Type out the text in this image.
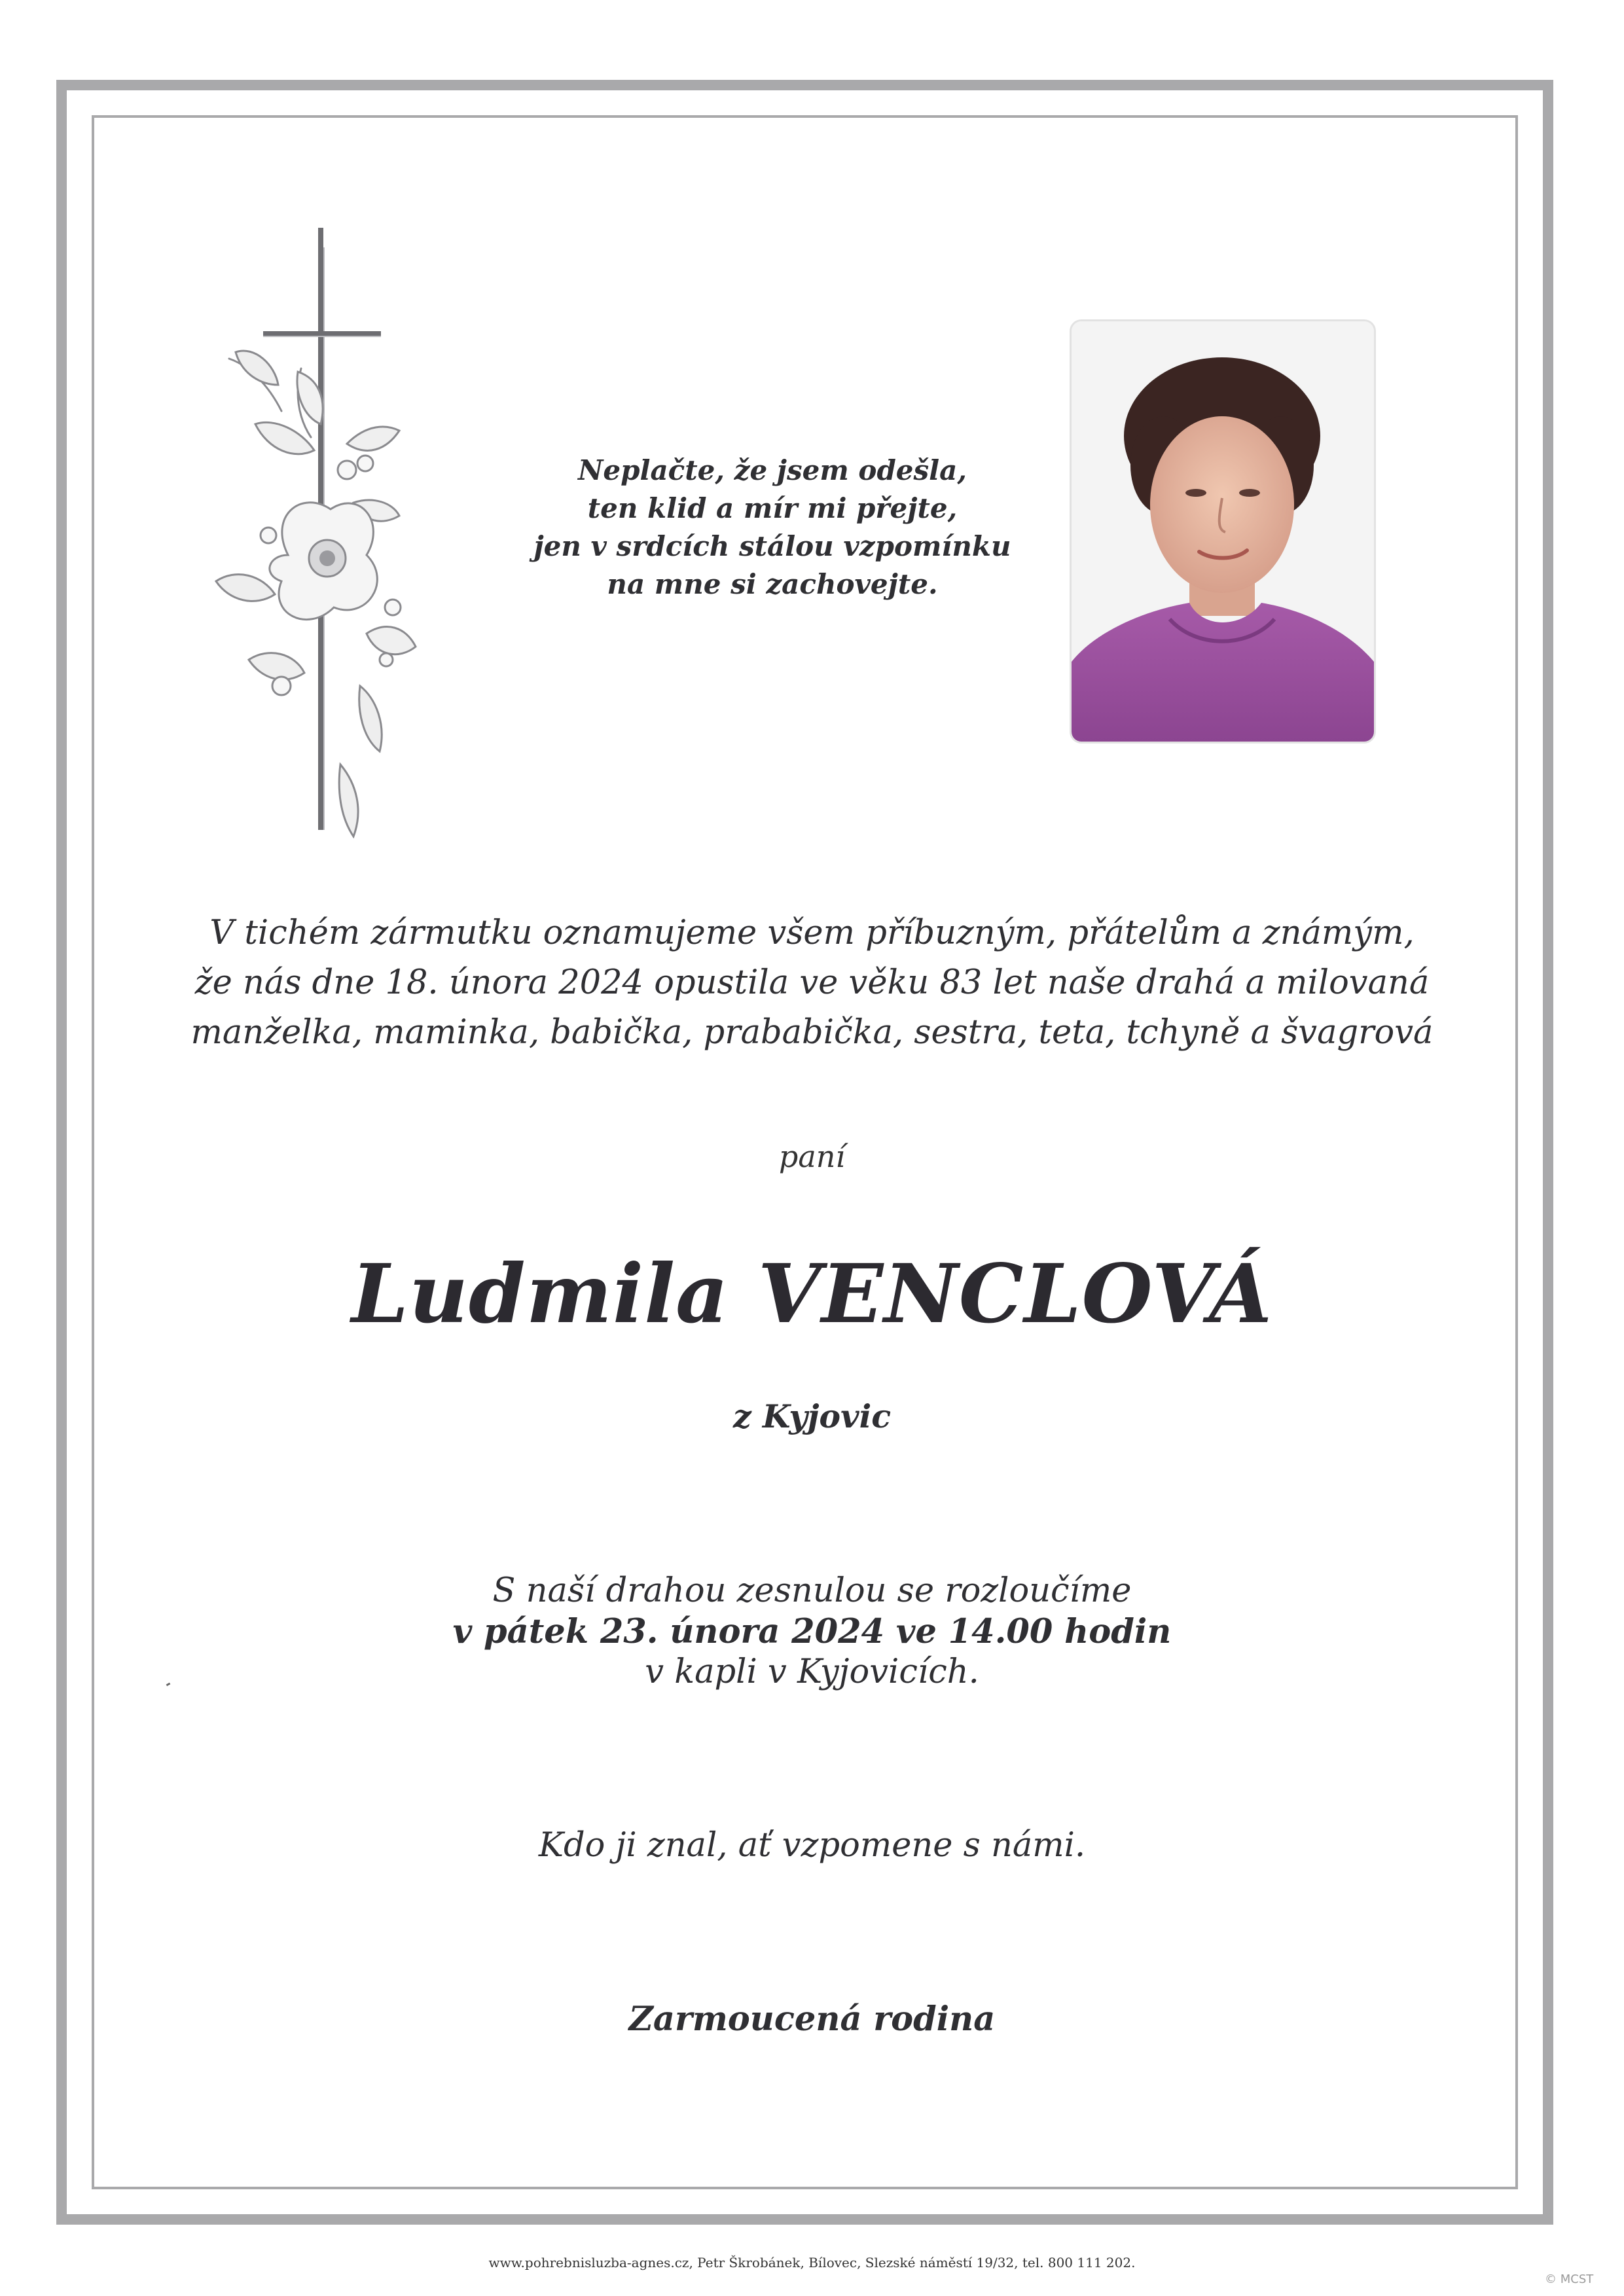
Neplačte, že jsem odešla,
ten klid a mír mi přejte,
jen v srdcích stálou vzpomínku
na mne si zachovejte.
V tichém zármutku oznamujeme všem příbuzným, přátelům a známým,
že nás dne 18. února 2024 opustila ve věku 83 let naše drahá a milovaná
manželka, maminka, babička, prababička, sestra, teta, tchyně a švagrová
paní
Ludmila VENCLOVÁ
z Kyjovic
S naší drahou zesnulou se rozloučíme
v pátek 23. února 2024 ve 14.00 hodin
v kapli v Kyjovicích.
Kdo ji znal, ať vzpomene s námi.
Zarmoucená rodina
www.pohrebnisluzba-agnes.cz, Petr Škrobánek, Bílovec, Slezské náměstí 19/32, tel. 800 111 202.
© MCST
